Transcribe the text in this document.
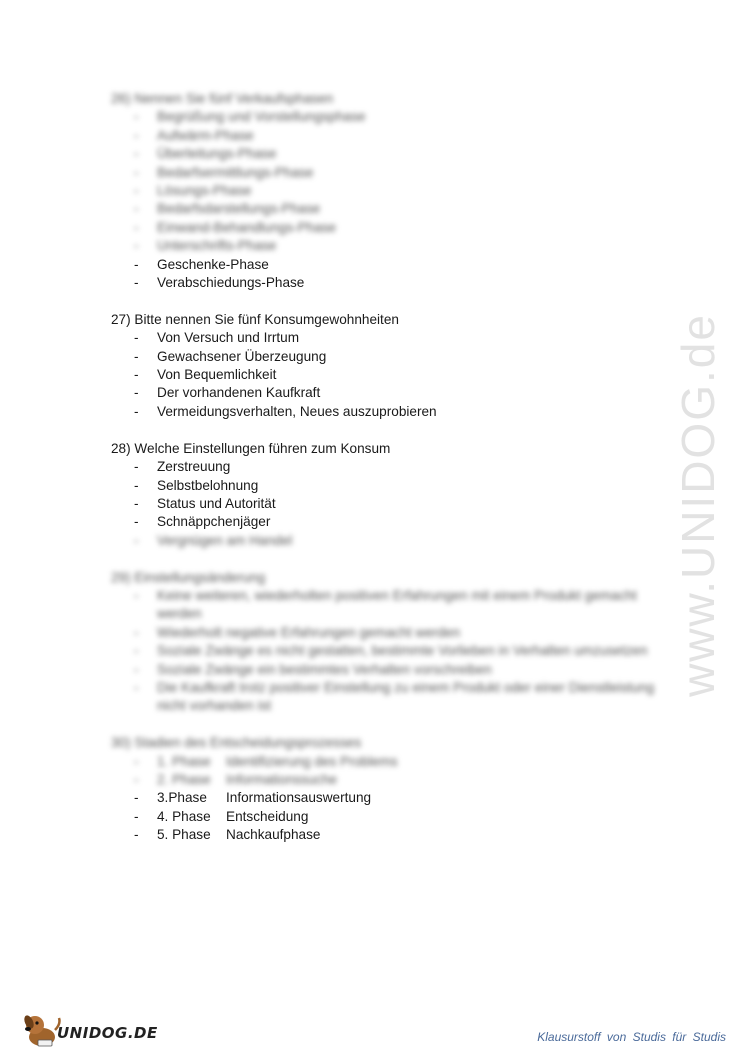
www.UNIDOG.de

26) Nennen Sie fünf Verkaufsphasen

- Begrüßung und Vorstellungsphase
- Aufwärm-Phase
- Überleitungs-Phase
- Bedarfsermittlungs-Phase
- Lösungs-Phase
- Bedarfsdarstellungs-Phase
- Einwand-Behandlungs-Phase
- Unterschrifts-Phase
- Geschenke-Phase
- Verabschiedungs-Phase

27) Bitte nennen Sie fünf Konsumgewohnheiten

- Von Versuch und Irrtum
- Gewachsener Überzeugung
- Von Bequemlichkeit
- Der vorhandenen Kaufkraft
- Vermeidungsverhalten, Neues auszuprobieren

28) Welche Einstellungen führen zum Konsum

- Zerstreuung
- Selbstbelohnung
- Status und Autorität
- Schnäppchenjäger
- Vergnügen am Handel

29) Einstellungsänderung

- Keine weiteren, wiederholten positiven Erfahrungen mit einem Produkt gemacht werden
- Wiederholt negative Erfahrungen gemacht werden
- Soziale Zwänge es nicht gestatten, bestimmte Vorlieben in Verhalten umzusetzen
- Soziale Zwänge ein bestimmtes Verhalten vorschreiben
- Die Kaufkraft trotz positiver Einstellung zu einem Produkt oder einer Dienstleistung nicht vorhanden ist

30) Stadien des Entscheidungsprozesses

- 1. Phase Identifizierung des Problems
- 2. Phase Informationssuche
- 3.Phase Informationsauswertung
- 4. Phase Entscheidung
- 5. Phase Nachkaufphase
UNIDOG.DE	Klausurstoff von Studis für Studis
